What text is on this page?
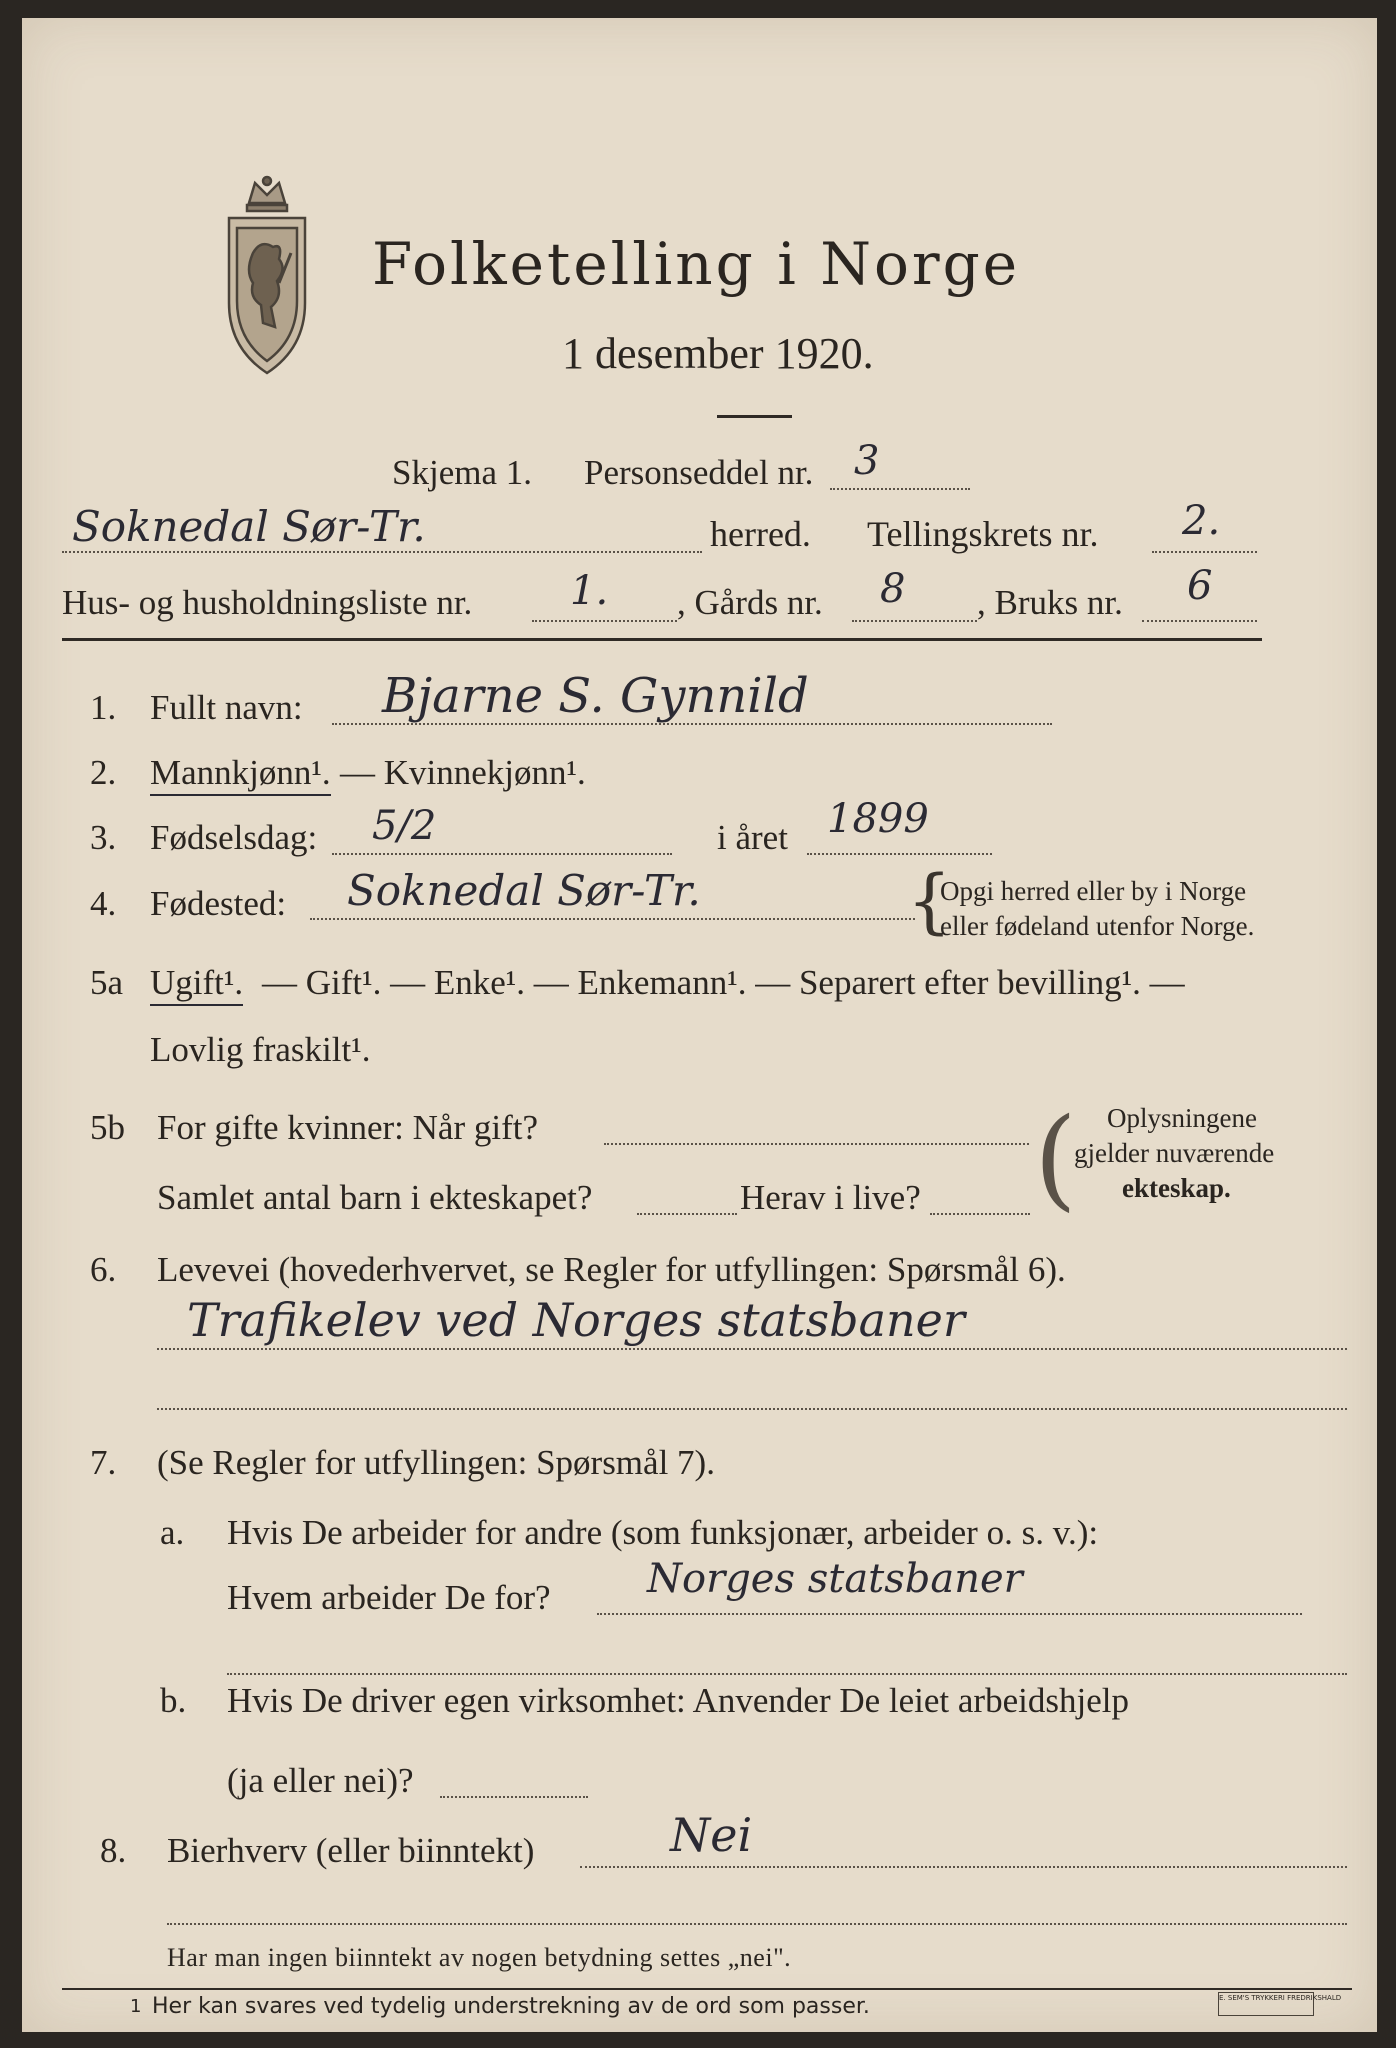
Folketelling i Norge
1 desember 1920.
Skjema 1. Personseddel nr. 3
Soknedal Sør-Tr.	herred. Tellingskrets nr. 2.
Hus- og husholdningsliste nr. 1. , Gårds nr. 8 , Bruks nr. 6
1. Fullt navn: Bjarne S. Gynnild
2. Mannkjønn¹. — Kvinnekjønn¹.
3. Fødselsdag: 5/2	i året 1899
4. Fødested: Soknedal Sør-Tr.	{
Opgi herred eller by i Norge
eller fødeland utenfor Norge.
5a Ugift¹. — Gift¹. — Enke¹. — Enkemann¹. — Separert efter bevilling¹. —
Lovlig fraskilt¹.
5b For gifte kvinner: Når gift?
Samlet antal barn i ekteskapet?	Herav i live? ( Oplysningene
gjelder nuværende
ekteskap.
6. Levevei (hovederhvervet, se Regler for utfyllingen: Spørsmål 6).
Trafikelev ved Norges statsbaner
7. (Se Regler for utfyllingen: Spørsmål 7).
a. Hvis De arbeider for andre (som funksjonær, arbeider o. s. v.):
Hvem arbeider De for? Norges statsbaner
b. Hvis De driver egen virksomhet: Anvender De leiet arbeidshjelp
(ja eller nei)?
8. Bierhverv (eller biinntekt)	Nei
Har man ingen biinntekt av nogen betydning settes „nei".
1 Her kan svares ved tydelig understrekning av de ord som passer.	E. SEM'S TRYKKERI FREDRIKSHALD
